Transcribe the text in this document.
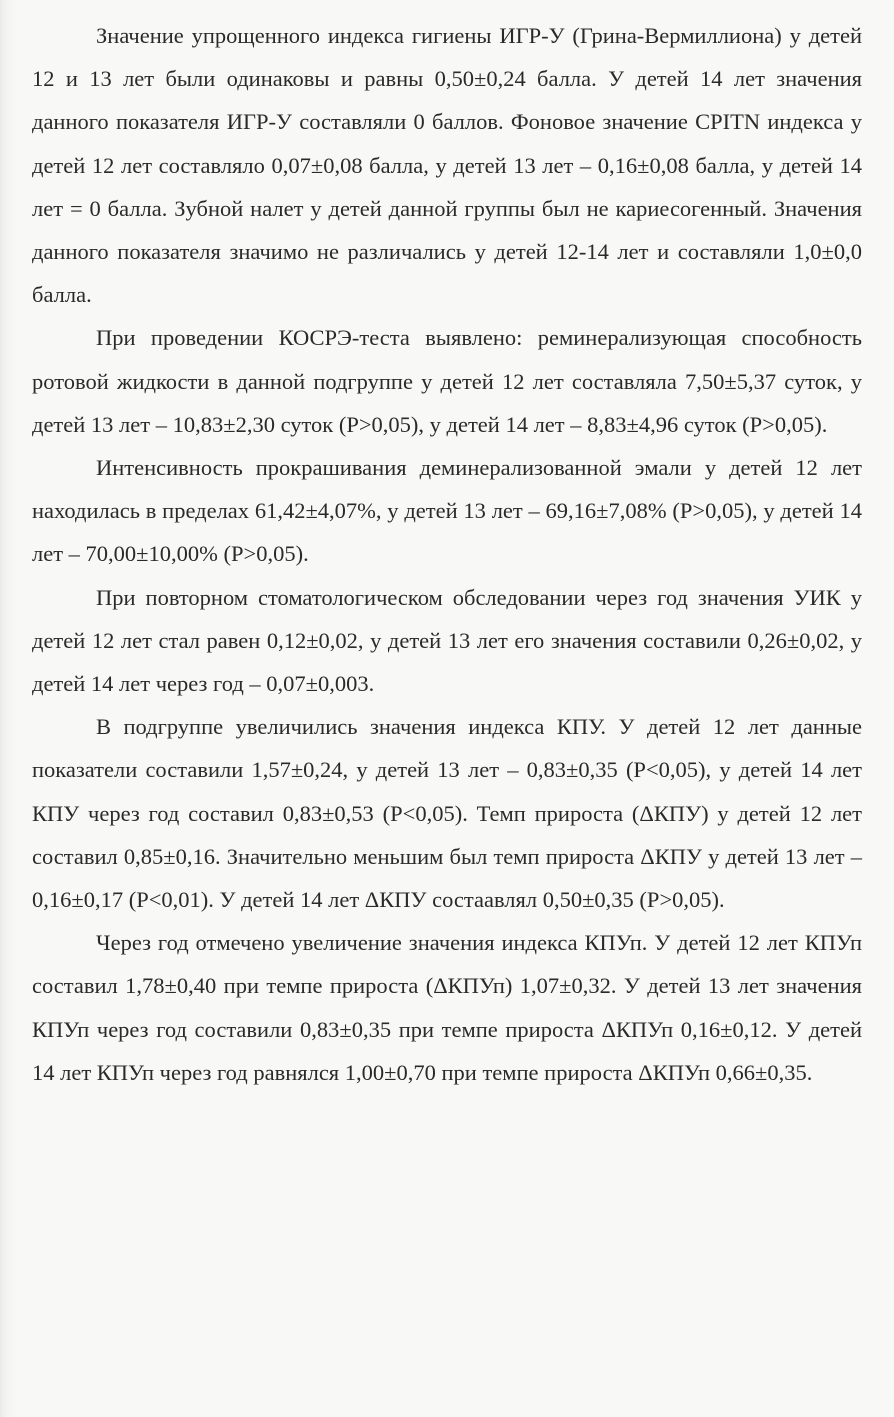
Значение упрощенного индекса гигиены ИГР-У (Грина-Вермиллиона) у детей 12 и 13 лет были одинаковы и равны 0,50±0,24 балла. У детей 14 лет значения данного показателя ИГР-У составляли 0 баллов. Фоновое значение CPITN индекса у детей 12 лет составляло 0,07±0,08 балла, у детей 13 лет – 0,16±0,08 балла, у детей 14 лет = 0 балла. Зубной налет у детей данной группы был не кариесогенный. Значения данного показателя значимо не различались у детей 12-14 лет и составляли 1,0±0,0 балла.

При проведении КОСРЭ-теста выявлено: реминерализующая способность ротовой жидкости в данной подгруппе у детей 12 лет составляла 7,50±5,37 суток, у детей 13 лет – 10,83±2,30 суток (Р>0,05), у детей 14 лет – 8,83±4,96 суток (Р>0,05).

Интенсивность прокрашивания деминерализованной эмали у детей 12 лет находилась в пределах 61,42±4,07%, у детей 13 лет – 69,16±7,08% (Р>0,05), у детей 14 лет – 70,00±10,00% (Р>0,05).

При повторном стоматологическом обследовании через год значения УИК у детей 12 лет стал равен 0,12±0,02, у детей 13 лет его значения составили 0,26±0,02, у детей 14 лет через год – 0,07±0,003.

В подгруппе увеличились значения индекса КПУ. У детей 12 лет данные показатели составили 1,57±0,24, у детей 13 лет – 0,83±0,35 (Р<0,05), у детей 14 лет КПУ через год составил 0,83±0,53 (Р<0,05). Темп прироста (ΔКПУ) у детей 12 лет составил 0,85±0,16. Значительно меньшим был темп прироста ΔКПУ у детей 13 лет – 0,16±0,17 (Р<0,01). У детей 14 лет ΔКПУ состаавлял 0,50±0,35 (Р>0,05).

Через год отмечено увеличение значения индекса КПУп. У детей 12 лет КПУп составил 1,78±0,40 при темпе прироста (ΔКПУп) 1,07±0,32. У детей 13 лет значения КПУп через год составили 0,83±0,35 при темпе прироста ΔКПУп 0,16±0,12. У детей 14 лет КПУп через год равнялся 1,00±0,70 при темпе прироста ΔКПУп 0,66±0,35.
